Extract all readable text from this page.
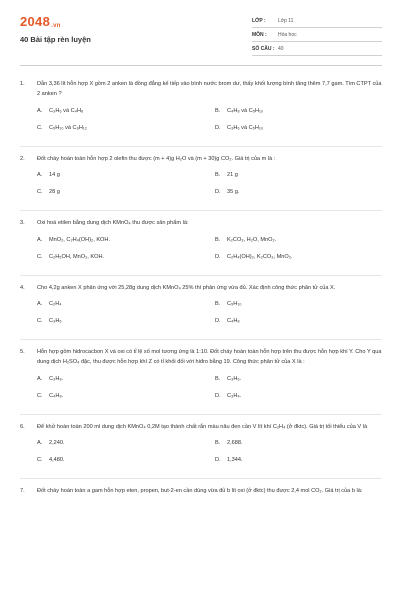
$2048_{.vn}$
40 Bài tập rèn luyện
LỚP : Lớp 11
MÔN : Hóa học
SỐ CÂU : 40
1.	Dẫn 3,36 lít hỗn hợp X gồm 2 anken là đồng đẳng kế tiếp vào bình nước brom dư, thấy khối lượng bình tăng thêm 7,7 gam. Tìm CTPT của 2 anken ?
A. C₃H₆ và C₄H₈	B. C₄H₈ và C₅H₁₀
C. C₅H₁₀ và C₆H₁₂	D. C₃H₆ và C₅H₁₀
2.	Đốt cháy hoàn toàn hỗn hợp 2 olefin thu được (m + 4)g H₂O và (m + 30)g CO₂. Giá trị của m là :
A. 14 g	B. 21 g
C. 28 g	D. 35 g.
3.	Oxi hoá etilen bằng dung dịch KMnO₄ thu được sản phẩm là:
A. MnO₂, C₂H₄(OH)₂, KOH.	B. K₂CO₃, H₂O, MnO₂.
C. C₂H₅OH, MnO₂, KOH.	D. C₂H₄(OH)₂, K₂CO₃, MnO₂.
4.	Cho 4,2g anken X phản ứng với 25,28g dung dịch KMnO₄ 25% thì phản ứng vừa đủ. Xác định công thức phân tử của X.
A. C₂H₄	B. C₅H₁₀
C. C₃H₆	D. C₄H₈
5.	Hỗn hợp gồm hidrocacbon X và oxi có tỉ lệ số mol tương ứng là 1:10. Đốt cháy hoàn toàn hỗn hợp trên thu được hỗn hợp khí Y. Cho Y qua dung dịch H₂SO₄ đặc, thu được hỗn hợp khí Z có tỉ khối đối với hiđro bằng 19. Công thức phân tử của X là :
A. C₃H₈.	B. C₃H₆.
C. C₄H₈.	D. C₃H₄.
6.	Để khử hoàn toàn 200 ml dung dịch KMnO₄ 0,2M tạo thành chất rắn màu nâu đen cần V lít khí C₂H₄ (ở đktc). Giá trị tối thiểu của V là
A. 2,240.	B. 2,688.
C. 4,480.	D. 1,344.
7.	Đốt cháy hoàn toàn a gam hỗn hợp eten, propen, but-2-en cần dùng vừa đủ b lít oxi (ở đktc) thu được 2,4 mol CO₂. Giá trị của b là:
